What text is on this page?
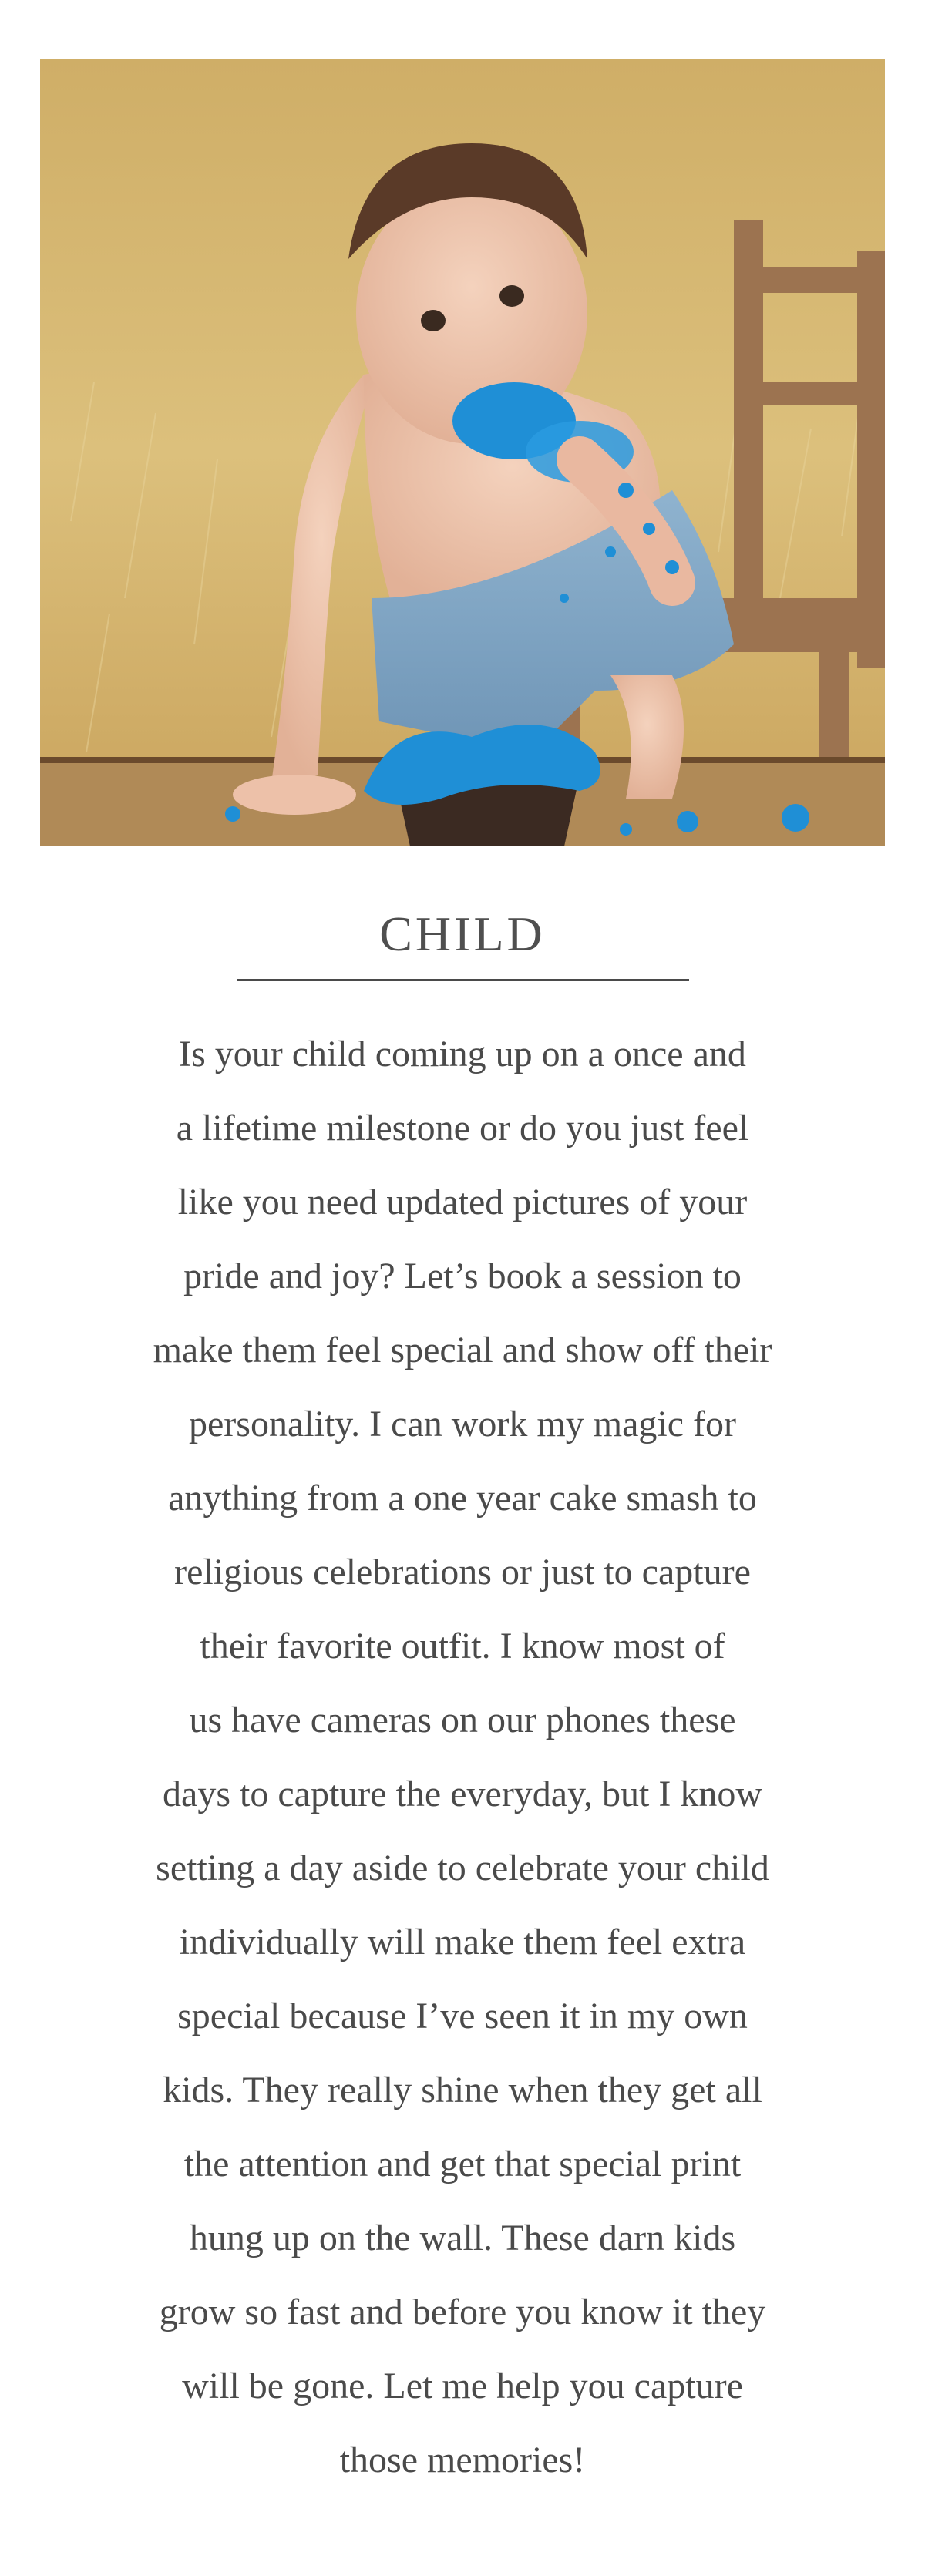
CHILD
Is your child coming up on a once and
a lifetime milestone or do you just feel
like you need updated pictures of your
pride and joy? Let’s book a session to
make them feel special and show off their
personality. I can work my magic for
anything from a one year cake smash to
religious celebrations or just to capture
their favorite outfit. I know most of
us have cameras on our phones these
days to capture the everyday, but I know
setting a day aside to celebrate your child
individually will make them feel extra
special because I’ve seen it in my own
kids. They really shine when they get all
the attention and get that special print
hung up on the wall. These darn kids
grow so fast and before you know it they
will be gone. Let me help you capture
those memories!
